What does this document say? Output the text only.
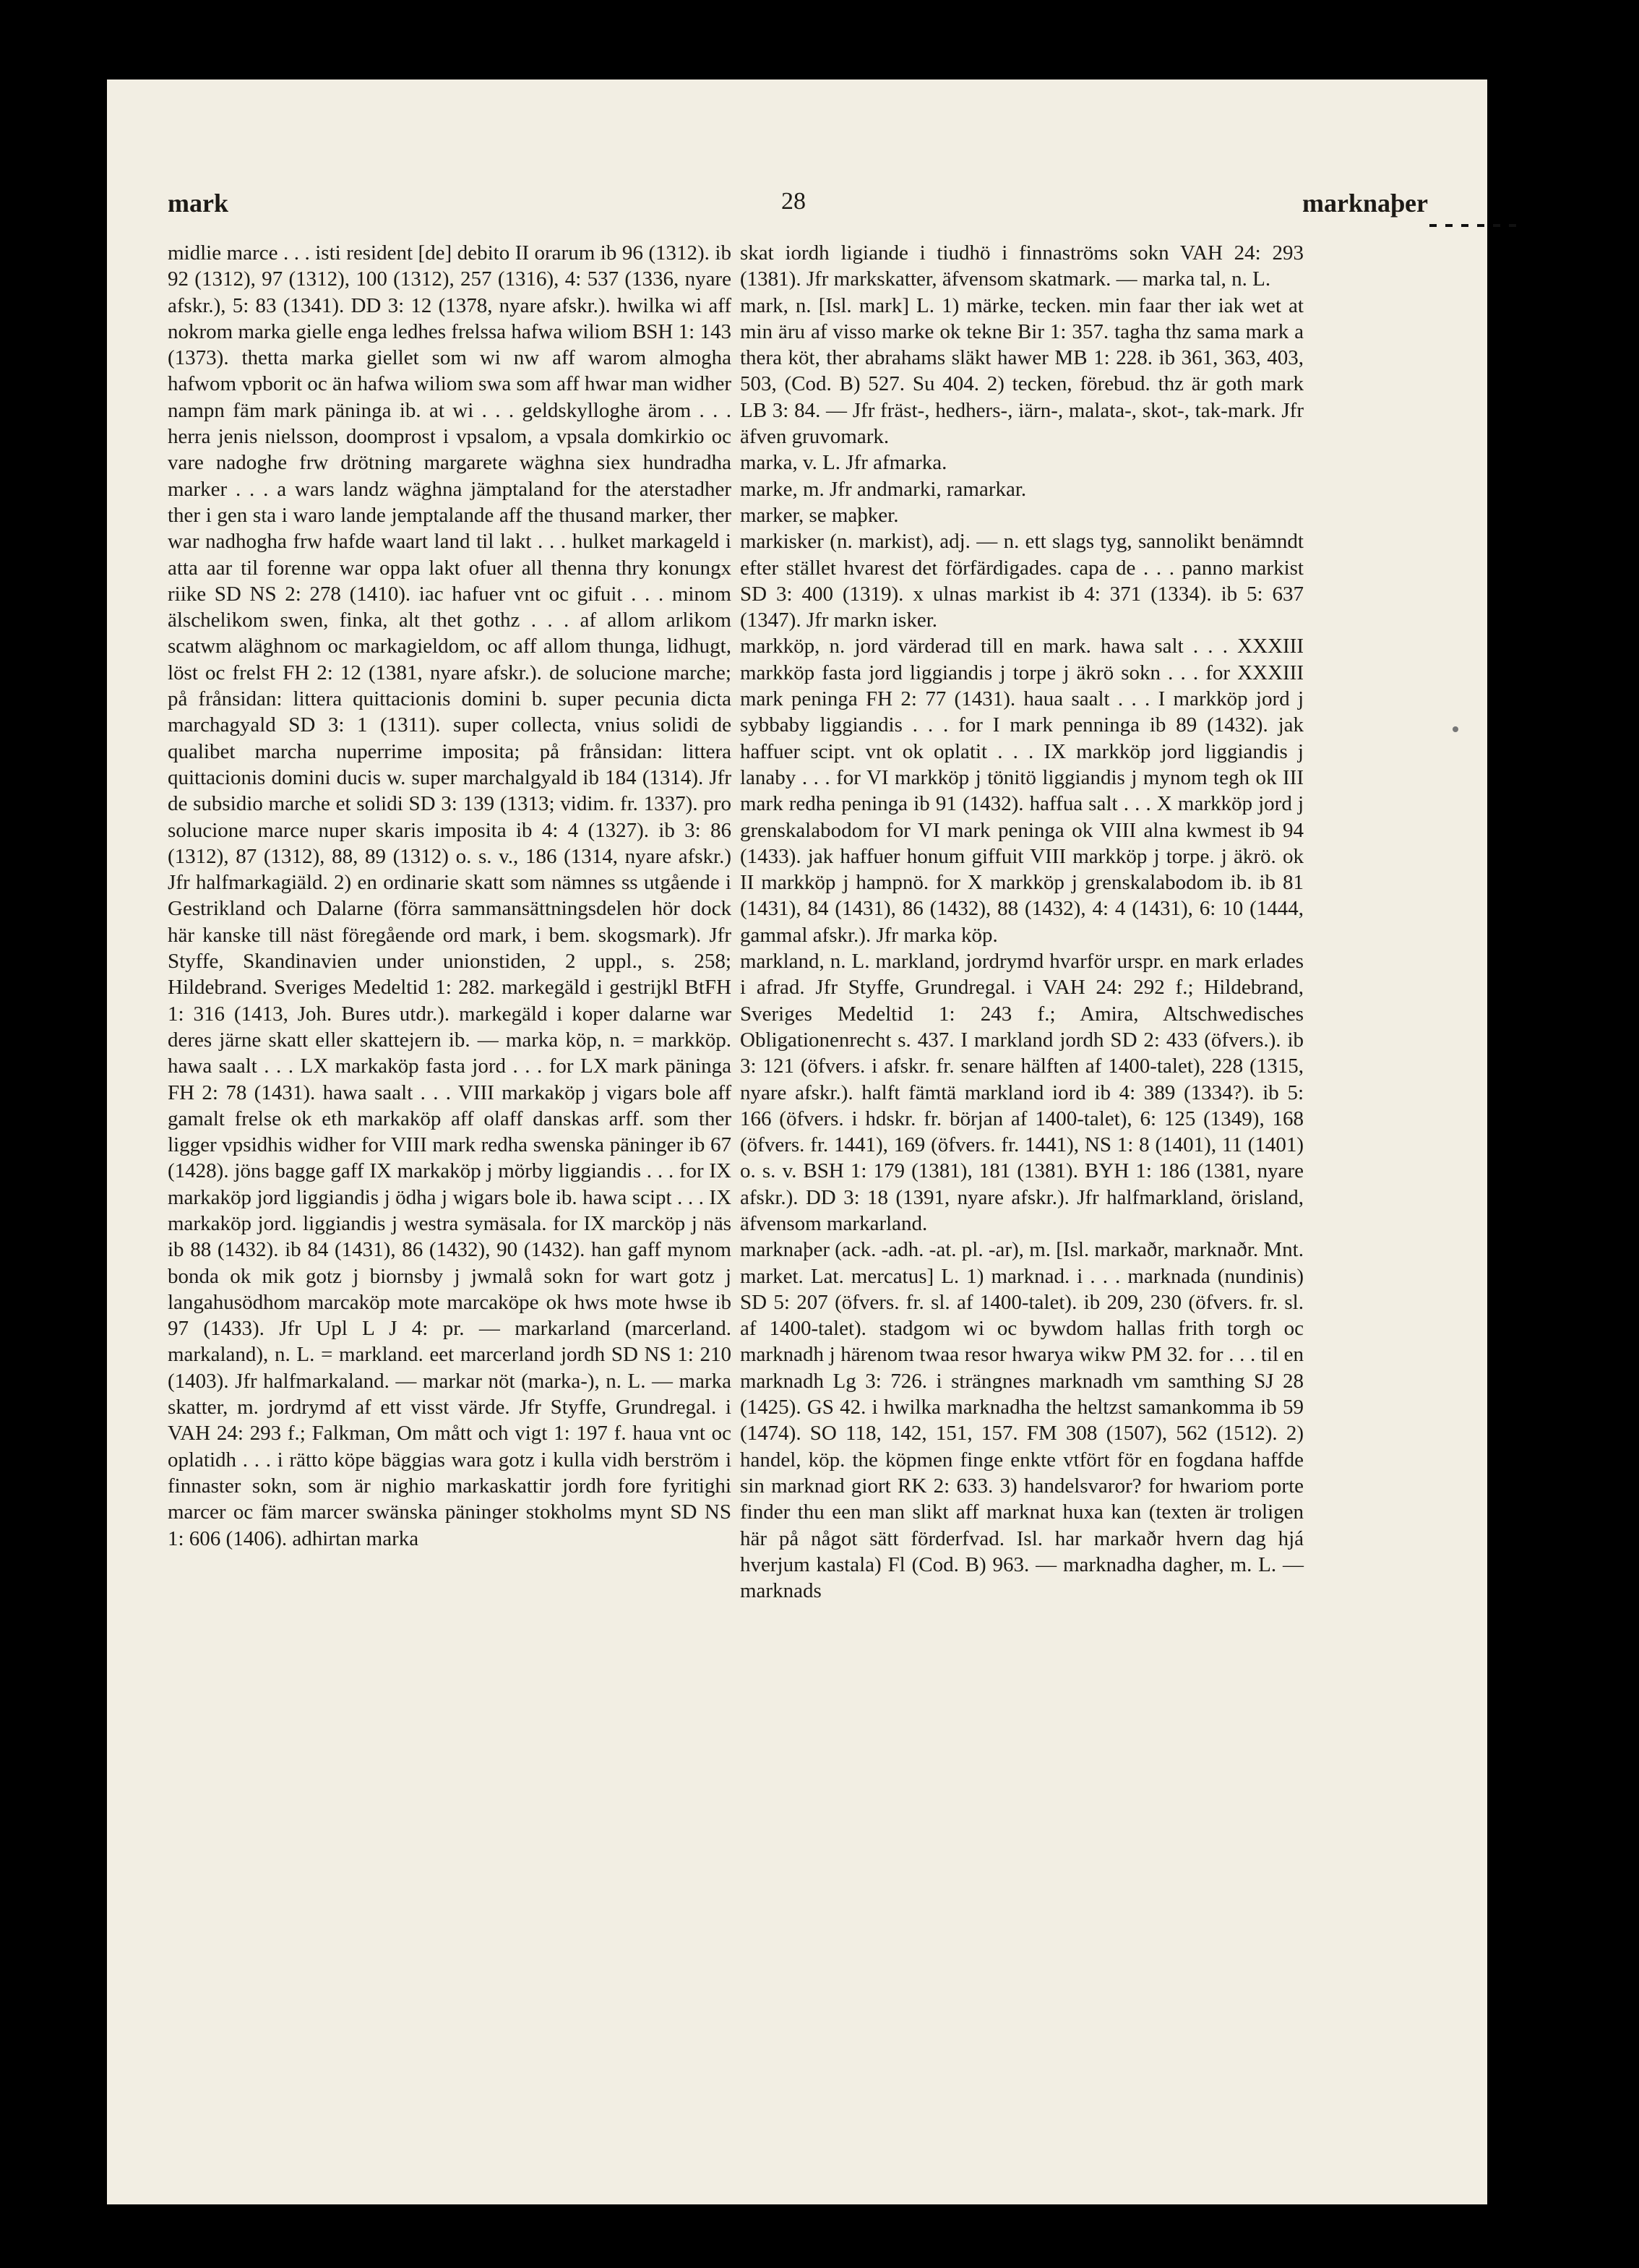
mark	28	marknaþer

midlie marce . . . isti resident [de] debito II orarum ib 96 (1312). ib 92 (1312), 97 (1312), 100 (1312), 257 (1316), 4: 537 (1336, nyare afskr.), 5: 83 (1341). DD 3: 12 (1378, nyare afskr.). hwilka wi aff nokrom marka gielle enga ledhes frelssa hafwa wiliom BSH 1: 143 (1373). thetta marka giellet som wi nw aff warom almogha hafwom vpborit oc än hafwa wiliom swa som aff hwar man widher nampn fäm mark päninga ib. at wi . . . geldskylloghe ärom . . . herra jenis nielsson, doomprost i vpsalom, a vpsala domkirkio oc vare nadoghe frw drötning margarete wäghna siex hundradha marker . . . a wars landz wäghna jämptaland for the aterstadher ther i gen sta i waro lande jemptalande aff the thusand marker, ther war nadhogha frw hafde waart land til lakt . . . hulket markageld i atta aar til forenne war oppa lakt ofuer all thenna thry konungx riike SD NS 2: 278 (1410). iac hafuer vnt oc gifuit . . . minom älschelikom swen, finka, alt thet gothz . . . af allom arlikom scatwm aläghnom oc markagieldom, oc aff allom thunga, lidhugt, löst oc frelst FH 2: 12 (1381, nyare afskr.). de solucione marche; på frånsidan: littera quittacionis domini b. super pecunia dicta marchagyald SD 3: 1 (1311). super collecta, vnius solidi de qualibet marcha nuperrime imposita; på frånsidan: littera quittacionis domini ducis w. super marchalgyald ib 184 (1314). Jfr de subsidio marche et solidi SD 3: 139 (1313; vidim. fr. 1337). pro solucione marce nuper skaris imposita ib 4: 4 (1327). ib 3: 86 (1312), 87 (1312), 88, 89 (1312) o. s. v., 186 (1314, nyare afskr.) Jfr halfmarkagiäld. 2) en ordinarie skatt som nämnes ss utgående i Gestrikland och Dalarne (förra sammansättningsdelen hör dock här kanske till näst föregående ord mark, i bem. skogsmark). Jfr Styffe, Skandinavien under unionstiden, 2 uppl., s. 258; Hildebrand. Sveriges Medeltid 1: 282. markegäld i gestrijkl BtFH 1: 316 (1413, Joh. Bures utdr.). markegäld i koper dalarne war deres järne skatt eller skattejern ib. — marka köp, n. = markköp. hawa saalt . . . LX markaköp fasta jord . . . for LX mark päninga FH 2: 78 (1431). hawa saalt . . . VIII markaköp j vigars bole aff gamalt frelse ok eth markaköp aff olaff danskas arff. som ther ligger vpsidhis widher for VIII mark redha swenska päninger ib 67 (1428). jöns bagge gaff IX markaköp j mörby liggiandis . . . for IX markaköp jord liggiandis j ödha j wigars bole ib. hawa scipt . . . IX markaköp jord. liggiandis j westra symäsala. for IX marcköp j näs ib 88 (1432). ib 84 (1431), 86 (1432), 90 (1432). han gaff mynom bonda ok mik gotz j biornsby j jwmalå sokn for wart gotz j langahusödhom marcaköp mote marcaköpe ok hws mote hwse ib 97 (1433). Jfr Upl L J 4: pr. — markarland (marcerland. markaland), n. L. = markland. eet marcerland jordh SD NS 1: 210 (1403). Jfr halfmarkaland. — markar nöt (marka-), n. L. — marka skatter, m. jordrymd af ett visst värde. Jfr Styffe, Grundregal. i VAH 24: 293 f.; Falkman, Om mått och vigt 1: 197 f. haua vnt oc oplatidh . . . i rätto köpe bäggias wara gotz i kulla vidh berström i finnaster sokn, som är nighio markaskattir jordh fore fyritighi marcer oc fäm marcer swänska päninger stokholms mynt SD NS 1: 606 (1406). adhirtan marka

skat iordh ligiande i tiudhö i finnaströms sokn VAH 24: 293 (1381). Jfr markskatter, äfvensom skatmark. — marka tal, n. L.

mark, n. [Isl. mark] L. 1) märke, tecken. min faar ther iak wet at min äru af visso marke ok tekne Bir 1: 357. tagha thz sama mark a thera köt, ther abrahams släkt hawer MB 1: 228. ib 361, 363, 403, 503, (Cod. B) 527. Su 404. 2) tecken, förebud. thz är goth mark LB 3: 84. — Jfr fräst-, hedhers-, iärn-, malata-, skot-, tak-mark. Jfr äfven gruvomark.

marka, v. L. Jfr afmarka.

marke, m. Jfr andmarki, ramarkar.

marker, se maþker.

markisker (n. markist), adj. — n. ett slags tyg, sannolikt benämndt efter stället hvarest det förfärdigades. capa de . . . panno markist SD 3: 400 (1319). x ulnas markist ib 4: 371 (1334). ib 5: 637 (1347). Jfr markn isker.

markköp, n. jord värderad till en mark. hawa salt . . . XXXIII markköp fasta jord liggiandis j torpe j äkrö sokn . . . for XXXIII mark peninga FH 2: 77 (1431). haua saalt . . . I markköp jord j sybbaby liggiandis . . . for I mark penninga ib 89 (1432). jak haffuer scipt. vnt ok oplatit . . . IX markköp jord liggiandis j lanaby . . . for VI markköp j tönitö liggiandis j mynom tegh ok III mark redha peninga ib 91 (1432). haffua salt . . . X markköp jord j grenskalabodom for VI mark peninga ok VIII alna kwmest ib 94 (1433). jak haffuer honum giffuit VIII markköp j torpe. j äkrö. ok II markköp j hampnö. for X markköp j grenskalabodom ib. ib 81 (1431), 84 (1431), 86 (1432), 88 (1432), 4: 4 (1431), 6: 10 (1444, gammal afskr.). Jfr marka köp.

markland, n. L. markland, jordrymd hvarför urspr. en mark erlades i afrad. Jfr Styffe, Grundregal. i VAH 24: 292 f.; Hildebrand, Sveriges Medeltid 1: 243 f.; Amira, Altschwedisches Obligationenrecht s. 437. I markland jordh SD 2: 433 (öfvers.). ib 3: 121 (öfvers. i afskr. fr. senare hälften af 1400-talet), 228 (1315, nyare afskr.). halft fämtä markland iord ib 4: 389 (1334?). ib 5: 166 (öfvers. i hdskr. fr. början af 1400-talet), 6: 125 (1349), 168 (öfvers. fr. 1441), 169 (öfvers. fr. 1441), NS 1: 8 (1401), 11 (1401) o. s. v. BSH 1: 179 (1381), 181 (1381). BYH 1: 186 (1381, nyare afskr.). DD 3: 18 (1391, nyare afskr.). Jfr halfmarkland, örisland, äfvensom markarland.

marknaþer (ack. -adh. -at. pl. -ar), m. [Isl. markaðr, marknaðr. Mnt. market. Lat. mercatus] L. 1) marknad. i . . . marknada (nundinis) SD 5: 207 (öfvers. fr. sl. af 1400-talet). ib 209, 230 (öfvers. fr. sl. af 1400-talet). stadgom wi oc bywdom hallas frith torgh oc marknadh j härenom twaa resor hwarya wikw PM 32. for . . . til en marknadh Lg 3: 726. i strängnes marknadh vm samthing SJ 28 (1425). GS 42. i hwilka marknadha the heltzst samankomma ib 59 (1474). SO 118, 142, 151, 157. FM 308 (1507), 562 (1512). 2) handel, köp. the köpmen finge enkte vtfört för en fogdana haffde sin marknad giort RK 2: 633. 3) handelsvaror? for hwariom porte finder thu een man slikt aff marknat huxa kan (texten är troligen här på något sätt förderfvad. Isl. har markaðr hvern dag hjá hverjum kastala) Fl (Cod. B) 963. — marknadha dagher, m. L. — marknads
